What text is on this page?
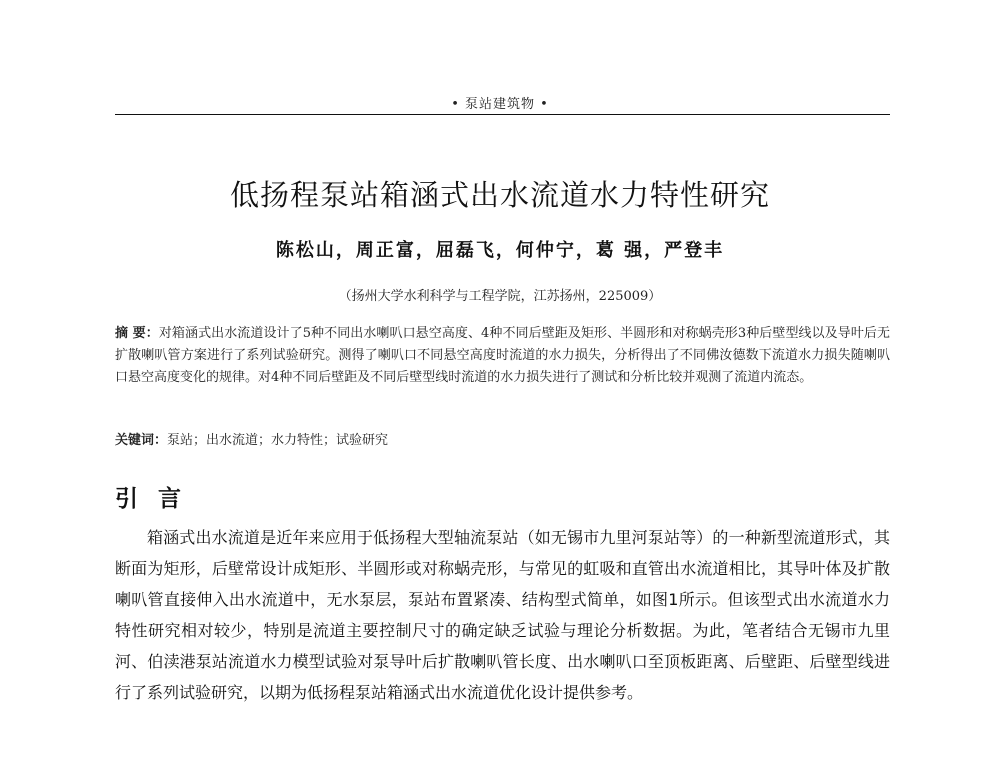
• 泵站建筑物 •
低扬程泵站箱涵式出水流道水力特性研究
陈松山，周正富，屈磊飞，何仲宁，葛 强，严登丰
（扬州大学水利科学与工程学院，江苏扬州，225009）
摘 要：对箱涵式出水流道设计了5种不同出水喇叭口悬空高度、4种不同后壁距及矩形、半圆形和对称蜗壳形3种后壁型线以及导叶后无扩散喇叭管方案进行了系列试验研究。测得了喇叭口不同悬空高度时流道的水力损失，分析得出了不同佛汝德数下流道水力损失随喇叭口悬空高度变化的规律。对4种不同后壁距及不同后壁型线时流道的水力损失进行了测试和分析比较并观测了流道内流态。
关键词：泵站；出水流道；水力特性；试验研究
引 言
箱涵式出水流道是近年来应用于低扬程大型轴流泵站（如无锡市九里河泵站等）的一种新型流道形式，其断面为矩形，后壁常设计成矩形、半圆形或对称蜗壳形，与常见的虹吸和直管出水流道相比，其导叶体及扩散喇叭管直接伸入出水流道中，无水泵层，泵站布置紧凑、结构型式简单，如图1所示。但该型式出水流道水力特性研究相对较少，特别是流道主要控制尺寸的确定缺乏试验与理论分析数据。为此，笔者结合无锡市九里河、伯渎港泵站流道水力模型试验对泵导叶后扩散喇叭管长度、出水喇叭口至顶板距离、后壁距、后壁型线进行了系列试验研究，以期为低扬程泵站箱涵式出水流道优化设计提供参考。
